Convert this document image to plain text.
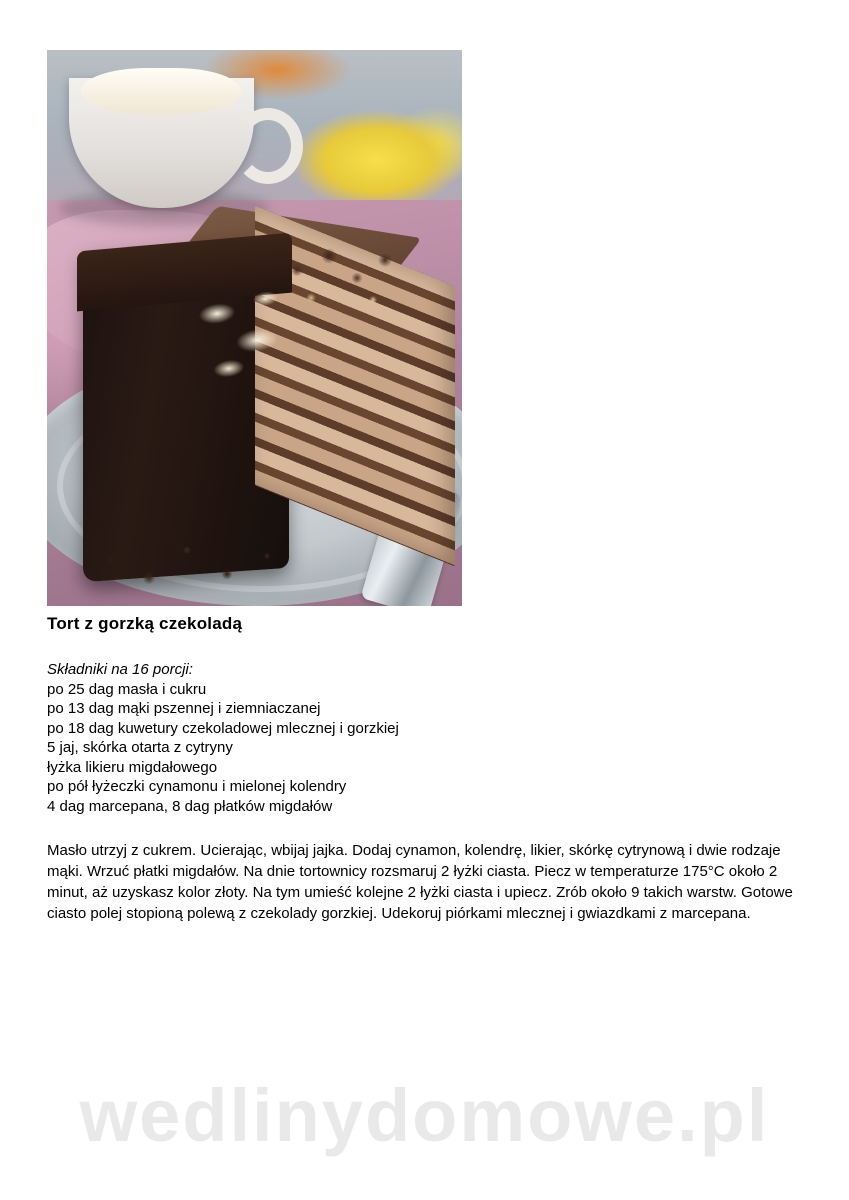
Tort z gorzką czekoladą
Składniki na 16 porcji:
po 25 dag masła i cukru
po 13 dag mąki pszennej i ziemniaczanej
po 18 dag kuwetury czekoladowej mlecznej i gorzkiej
5 jaj, skórka otarta z cytryny
łyżka likieru migdałowego
po pół łyżeczki cynamonu i mielonej kolendry
4 dag marcepana, 8 dag płatków migdałów
Masło utrzyj z cukrem. Ucierając, wbijaj jajka. Dodaj cynamon, kolendrę, likier, skórkę cytrynową i dwie rodzaje mąki. Wrzuć płatki migdałów. Na dnie tortownicy rozsmaruj 2 łyżki ciasta. Piecz w temperaturze 175°C około 2 minut, aż uzyskasz kolor złoty. Na tym umieść kolejne 2 łyżki ciasta i upiecz. Zrób około 9 takich warstw. Gotowe ciasto polej stopioną polewą z czekolady gorzkiej. Udekoruj piórkami mlecznej i gwiazdkami z marcepana.
wedlinydomowe.pl
